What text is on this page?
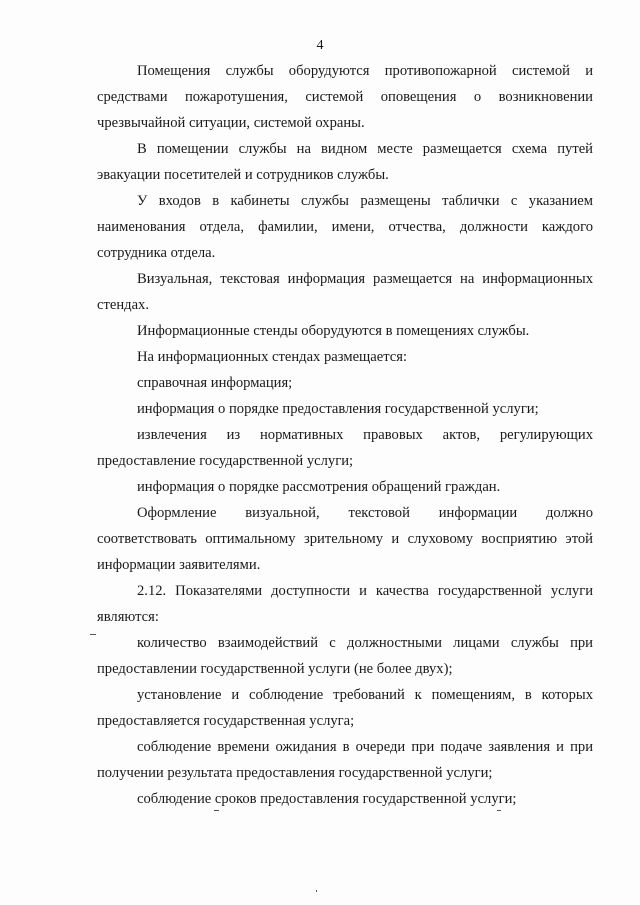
4

Помещения службы оборудуются противопожарной системой и средствами пожаротушения, системой оповещения о возникновении чрезвычайной ситуации, системой охраны.

В помещении службы на видном месте размещается схема путей эвакуации посетителей и сотрудников службы.

У входов в кабинеты службы размещены таблички с указанием наименования отдела, фамилии, имени, отчества, должности каждого сотрудника отдела.

Визуальная, текстовая информация размещается на информационных стендах.

Информационные стенды оборудуются в помещениях службы.

На информационных стендах размещается:

справочная информация;

информация о порядке предоставления государственной услуги;

извлечения из нормативных правовых актов, регулирующих предоставление государственной услуги;

информация о порядке рассмотрения обращений граждан.

Оформление визуальной, текстовой информации должно соответствовать оптимальному зрительному и слуховому восприятию этой информации заявителями.

2.12. Показателями доступности и качества государственной услуги являются:

количество взаимодействий с должностными лицами службы при предоставлении государственной услуги (не более двух);

установление и соблюдение требований к помещениям, в которых предоставляется государственная услуга;

соблюдение времени ожидания в очереди при подаче заявления и при получении результата предоставления государственной услуги;

соблюдение сроков предоставления государственной услуги;
